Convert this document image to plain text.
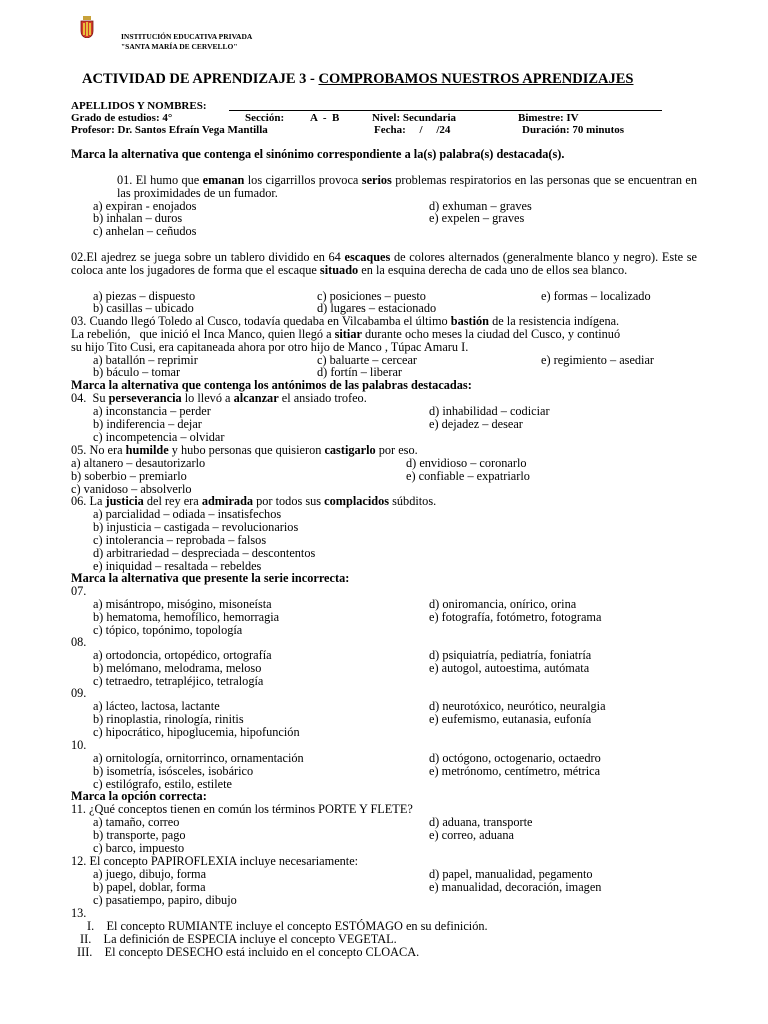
INSTITUCIÓN EDUCATIVA PRIVADA
"SANTA MARÍA DE CERVELLO"
ACTIVIDAD DE APRENDIZAJE 3 - COMPROBAMOS NUESTROS APRENDIZAJES
APELLIDOS Y NOMBRES:
Grado de estudios: 4°	Sección: A  -  B	Nivel: Secundaria	Bimestre: IV
Profesor: Dr. Santos Efraín Vega Mantilla	Fecha:     /     /24	Duración: 70 minutos
Marca la alternativa que contenga el sinónimo correspondiente a la(s) palabra(s) destacada(s).
01. El humo que emanan los cigarrillos provoca serios problemas respiratorios en las personas que se encuentran en las proximidades de un fumador.
a) expiran - enojados
b) inhalan – duros
c) anhelan – ceñudos
d) exhuman – graves
e) expelen – graves
02.El ajedrez se juega sobre un tablero dividido en 64 escaques de colores alternados (generalmente blanco y negro). Este se coloca ante los jugadores de forma que el escaque situado en la esquina derecha de cada uno de ellos sea blanco.
a) piezas – dispuesto
b) casillas – ubicado
c) posiciones – puesto
d) lugares – estacionado
e) formas – localizado
03. Cuando llegó Toledo al Cusco, todavía quedaba en Vilcabamba el último bastión de la resistencia indígena.
La rebelión,   que inició el Inca Manco, quien llegó a sitiar durante ocho meses la ciudad del Cusco, y continuó
su hijo Tito Cusi, era capitaneada ahora por otro hijo de Manco , Túpac Amaru I.
a) batallón – reprimir
b) báculo – tomar
c) baluarte – cercear
d) fortín – liberar
e) regimiento – asediar
Marca la alternativa que contenga los antónimos de las palabras destacadas:
04.  Su perseverancia lo llevó a alcanzar el ansiado trofeo.
a) inconstancia – perder
b) indiferencia – dejar
c) incompetencia – olvidar
d) inhabilidad – codiciar
e) dejadez – desear
05. No era humilde y hubo personas que quisieron castigarlo por eso.
a) altanero – desautorizarlo
b) soberbio – premiarlo
c) vanidoso – absolverlo
d) envidioso – coronarlo
e) confiable – expatriarlo
06. La justicia del rey era admirada por todos sus complacidos súbditos.
a) parcialidad – odiada – insatisfechos
b) injusticia – castigada – revolucionarios
c) intolerancia – reprobada – falsos
d) arbitrariedad – despreciada – descontentos
e) iniquidad – resaltada – rebeldes
Marca la alternativa que presente la serie incorrecta:
07.
a) misántropo, misógino, misoneísta
b) hematoma, hemofílico, hemorragia
c) tópico, topónimo, topología
d) oniromancia, onírico, orina
e) fotografía, fotómetro, fotograma
08.
a) ortodoncia, ortopédico, ortografía
b) melómano, melodrama, meloso
c) tetraedro, tetrapléjico, tetralogía
d) psiquiatría, pediatría, foniatría
e) autogol, autoestima, autómata
09.
a) lácteo, lactosa, lactante
b) rinoplastia, rinología, rinitis
c) hipocrático, hipoglucemia, hipofunción
d) neurotóxico, neurótico, neuralgia
e) eufemismo, eutanasia, eufonía
10.
a) ornitología, ornitorrinco, ornamentación
b) isometría, isósceles, isobárico
c) estilógrafo, estilo, estilete
d) octógono, octogenario, octaedro
e) metrónomo, centímetro, métrica
Marca la opción correcta:
11. ¿Qué conceptos tienen en común los términos PORTE Y FLETE?
a) tamaño, correo
b) transporte, pago
c) barco, impuesto
d) aduana, transporte
e) correo, aduana
12. El concepto PAPIROFLEXIA incluye necesariamente:
a) juego, dibujo, forma
b) papel, doblar, forma
c) pasatiempo, papiro, dibujo
d) papel, manualidad, pegamento
e) manualidad, decoración, imagen
13.
I.    El concepto RUMIANTE incluye el concepto ESTÓMAGO en su definición.
II.    La definición de ESPECIA incluye el concepto VEGETAL.
III.    El concepto DESECHO está incluido en el concepto CLOACA.
